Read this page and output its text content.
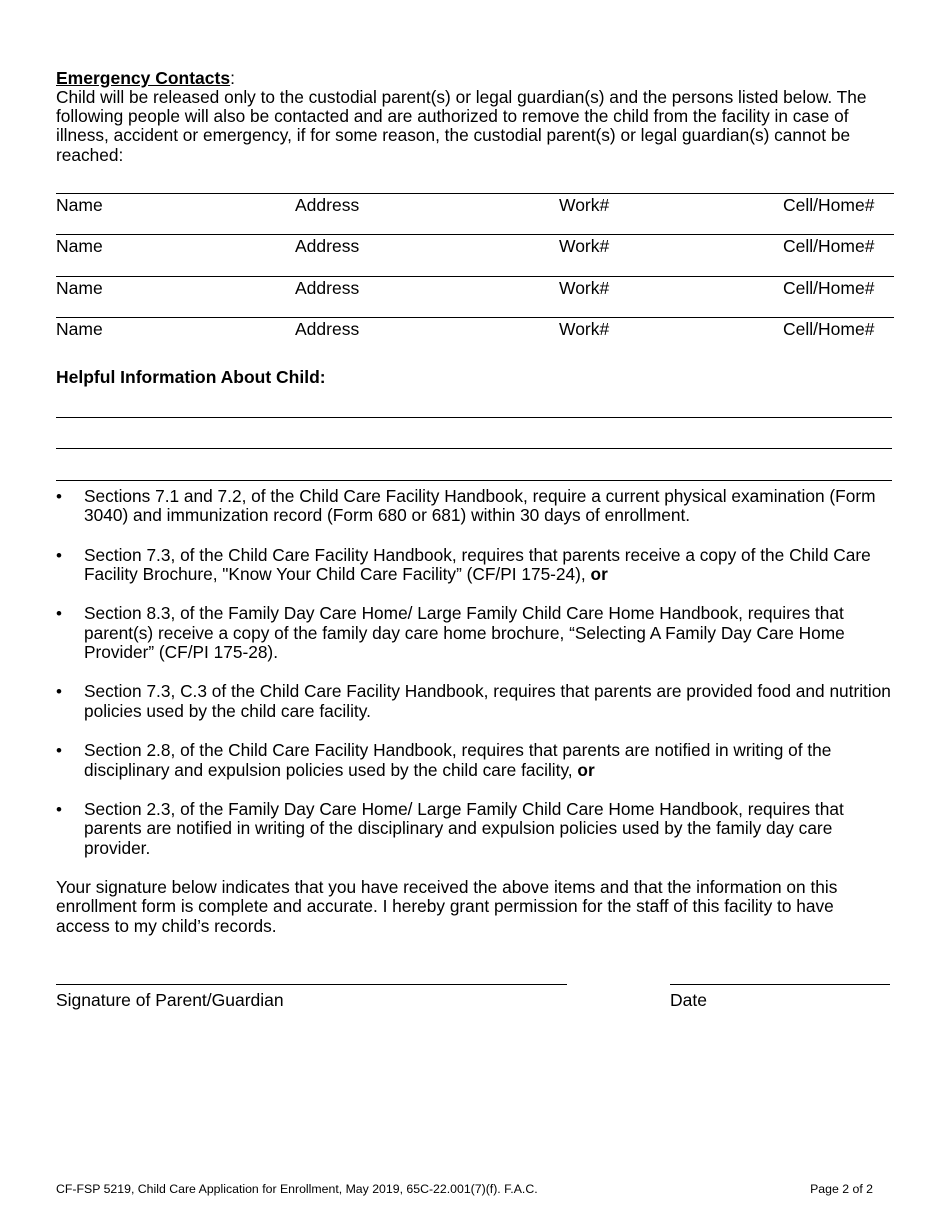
Emergency Contacts:

Child will be released only to the custodial parent(s) or legal guardian(s) and the persons listed below. The following people will also be contacted and are authorized to remove the child from the facility in case of illness, accident or emergency, if for some reason, the custodial parent(s) or legal guardian(s) cannot be reached:

Name	Address	Work#	Cell/Home#
Name	Address	Work#	Cell/Home#
Name	Address	Work#	Cell/Home#
Name	Address	Work#	Cell/Home#

Helpful Information About Child:

• Sections 7.1 and 7.2, of the Child Care Facility Handbook, require a current physical examination (Form 3040) and immunization record (Form 680 or 681) within 30 days of enrollment.
• Section 7.3, of the Child Care Facility Handbook, requires that parents receive a copy of the Child Care Facility Brochure, "Know Your Child Care Facility” (CF/PI 175-24), or
• Section 8.3, of the Family Day Care Home/ Large Family Child Care Home Handbook, requires that parent(s) receive a copy of the family day care home brochure, “Selecting A Family Day Care Home Provider” (CF/PI 175-28).
• Section 7.3, C.3 of the Child Care Facility Handbook, requires that parents are provided food and nutrition policies used by the child care facility.
• Section 2.8, of the Child Care Facility Handbook, requires that parents are notified in writing of the disciplinary and expulsion policies used by the child care facility, or
• Section 2.3, of the Family Day Care Home/ Large Family Child Care Home Handbook, requires that parents are notified in writing of the disciplinary and expulsion policies used by the family day care provider.

Your signature below indicates that you have received the above items and that the information on this enrollment form is complete and accurate. I hereby grant permission for the staff of this facility to have access to my child’s records.

Signature of Parent/Guardian	Date
CF-FSP 5219, Child Care Application for Enrollment, May 2019, 65C-22.001(7)(f). F.A.C.	Page 2 of 2
